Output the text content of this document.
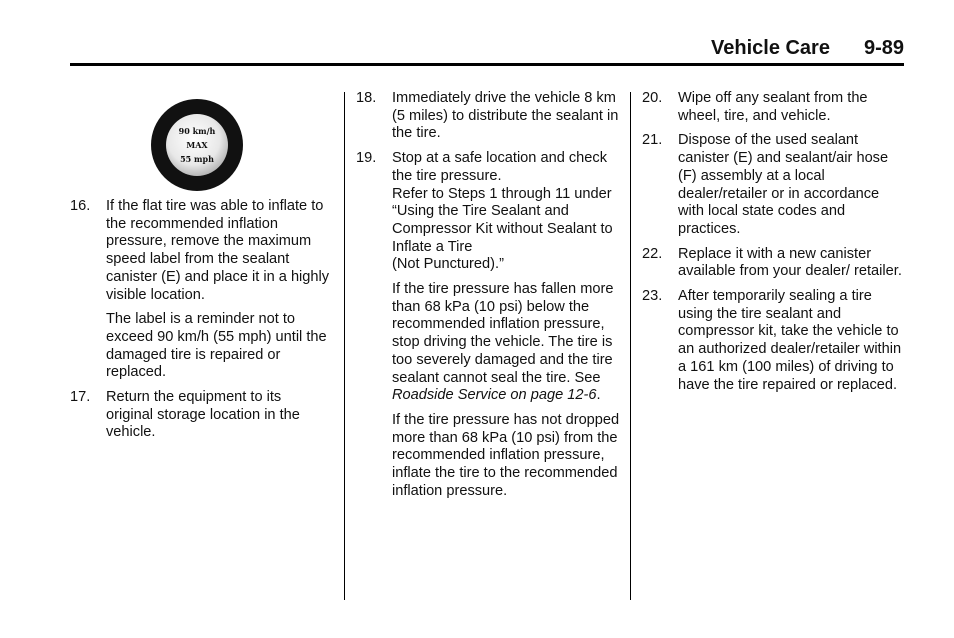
Vehicle Care 9-89
90 km/h
MAX
55 mph
16.	If the flat tire was able to inflate to the recommended inflation pressure, remove the maximum speed label from the sealant canister (E) and place it in a highly visible location.

The label is a reminder not to exceed 90 km/h (55 mph) until the damaged tire is repaired or replaced.

17.	Return the equipment to its original storage location in the vehicle.

18.	Immediately drive the vehicle 8 km (5 miles) to distribute the sealant in the tire.

19.	Stop at a safe location and check the tire pressure.
Refer to Steps 1 through 11 under “Using the Tire Sealant and Compressor Kit without Sealant to Inflate a Tire
(Not Punctured).”

If the tire pressure has fallen more than 68 kPa (10 psi) below the recommended inflation pressure, stop driving the vehicle. The tire is too severely damaged and the tire sealant cannot seal the tire. See Roadside Service on page 12‑6.

If the tire pressure has not dropped more than 68 kPa (10 psi) from the recommended inflation pressure, inflate the tire to the recommended inflation pressure.

20.	Wipe off any sealant from the wheel, tire, and vehicle.

21.	Dispose of the used sealant canister (E) and sealant/air hose (F) assembly at a local dealer/retailer or in accordance with local state codes and practices.

22.	Replace it with a new canister available from your dealer/ retailer.

23.	After temporarily sealing a tire using the tire sealant and compressor kit, take the vehicle to an authorized dealer/retailer within a 161 km (100 miles) of driving to have the tire repaired or replaced.
